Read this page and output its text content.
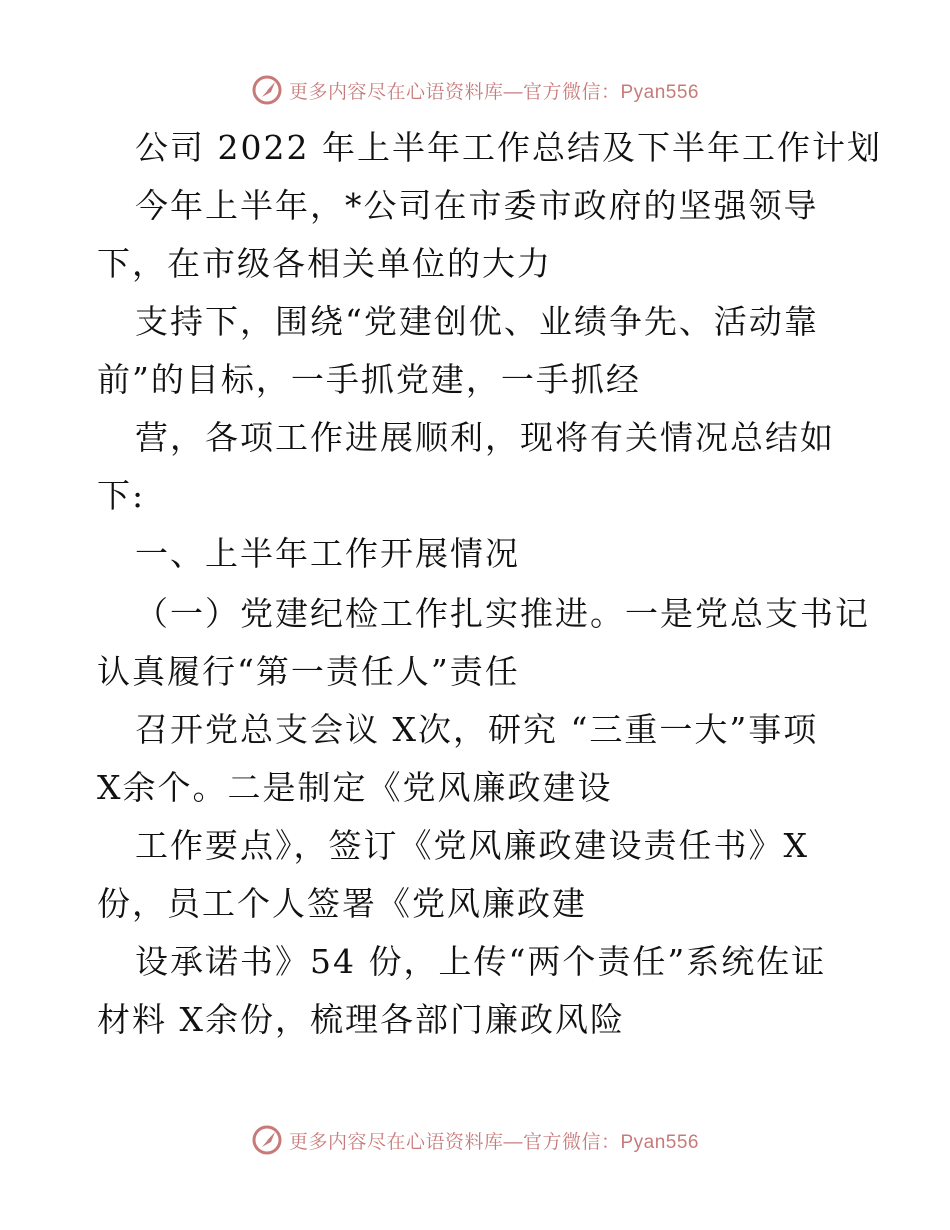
更多内容尽在心语资料库—官方微信：Pyan556
公司 2022 年上半年工作总结及下半年工作计划
今年上半年，*公司在市委市政府的坚强领导
下，在市级各相关单位的大力
支持下，围绕“党建创优、业绩争先、活动靠
前”的目标，一手抓党建，一手抓经
营，各项工作进展顺利，现将有关情况总结如
下:
一、上半年工作开展情况
（一）党建纪检工作扎实推进。一是党总支书记
认真履行“第一责任人”责任
召开党总支会议 X次，研究 “三重一大”事项
X余个。二是制定《党风廉政建设
工作要点》，签订《党风廉政建设责任书》X
份，员工个人签署《党风廉政建
设承诺书》54 份，上传“两个责任”系统佐证
材料 X余份，梳理各部门廉政风险
更多内容尽在心语资料库—官方微信：Pyan556
